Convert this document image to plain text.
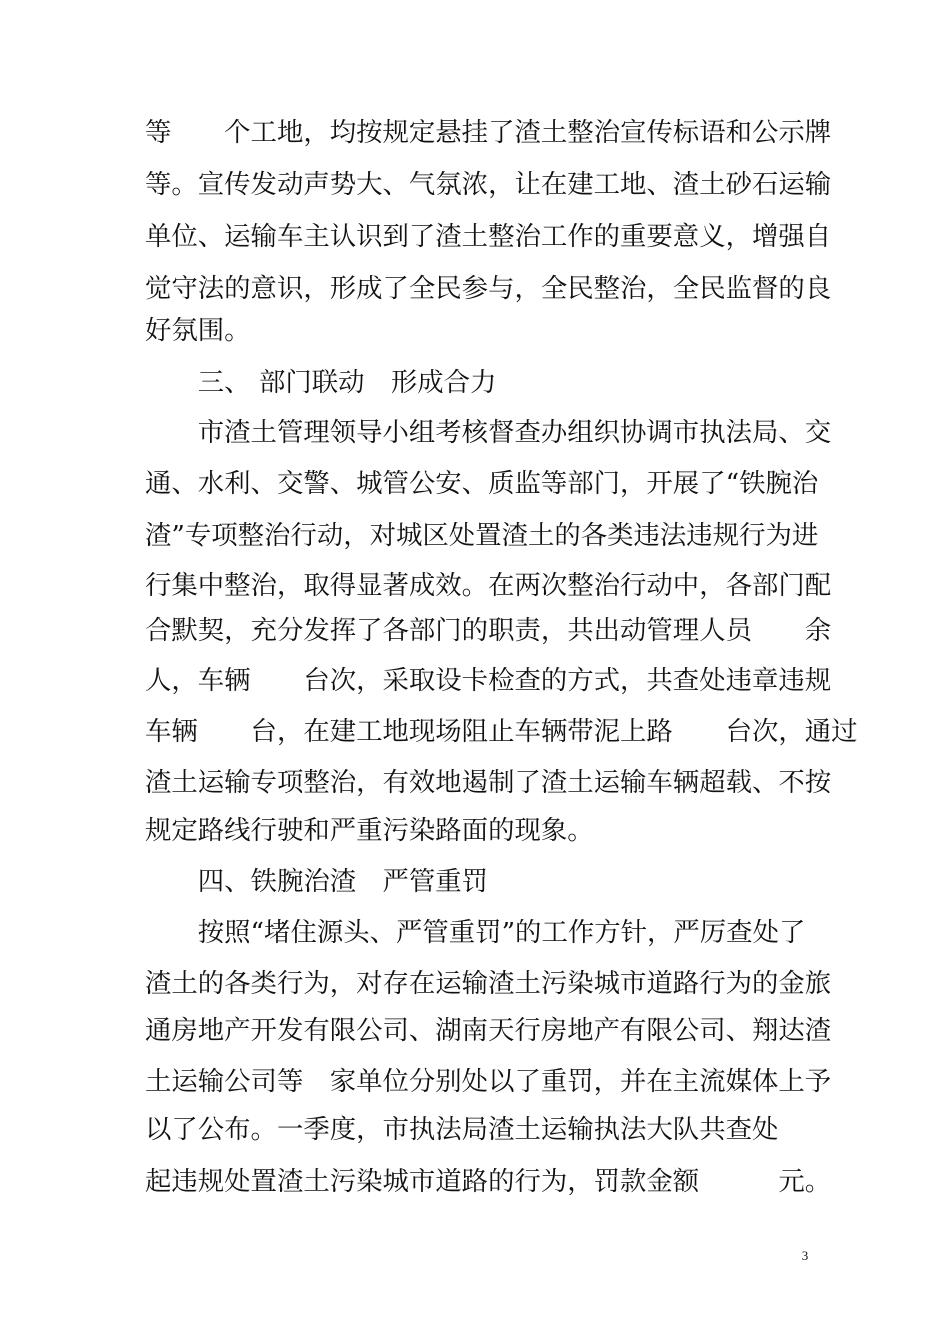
等　　个工地，均按规定悬挂了渣土整治宣传标语和公示牌
等。宣传发动声势大、气氛浓，让在建工地、渣土砂石运输
单位、运输车主认识到了渣土整治工作的重要意义，增强自
觉守法的意识，形成了全民参与，全民整治，全民监督的良
好氛围。
　　三、 部门联动　形成合力
　　市渣土管理领导小组考核督查办组织协调市执法局、交
通、水利、交警、城管公安、质监等部门，开展了“铁腕治
渣”专项整治行动，对城区处置渣土的各类违法违规行为进
行集中整治，取得显著成效。在两次整治行动中，各部门配
合默契，充分发挥了各部门的职责，共出动管理人员　　余
人，车辆　　台次，采取设卡检查的方式，共查处违章违规
车辆　　台，在建工地现场阻止车辆带泥上路　　台次，通过
渣土运输专项整治，有效地遏制了渣土运输车辆超载、不按
规定路线行驶和严重污染路面的现象。
　　四、铁腕治渣　严管重罚
　　按照“堵住源头、严管重罚”的工作方针，严厉查处了
渣土的各类行为，对存在运输渣土污染城市道路行为的金旅
通房地产开发有限公司、湖南天行房地产有限公司、翔达渣
土运输公司等　家单位分别处以了重罚，并在主流媒体上予
以了公布。一季度，市执法局渣土运输执法大队共查处
起违规处置渣土污染城市道路的行为，罚款金额　　　元。
3
